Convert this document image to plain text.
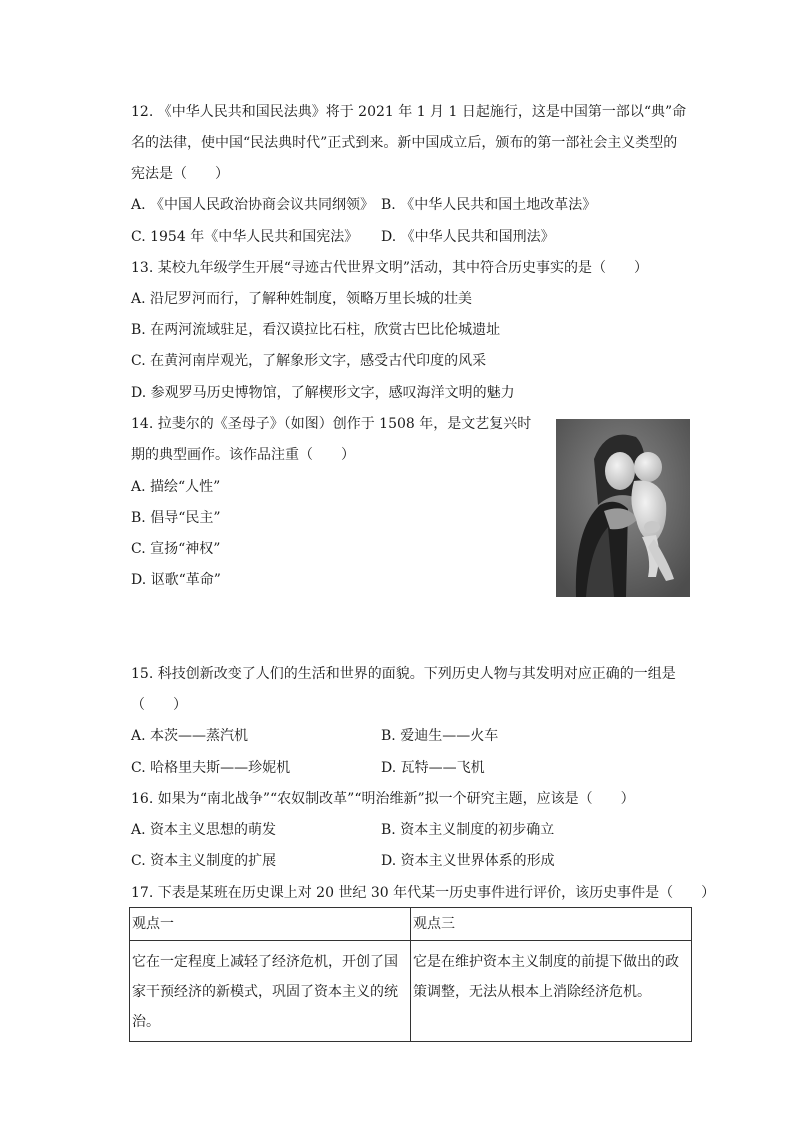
12. 《中华人民共和国民法典》将于 2021 年 1 月 1 日起施行，这是中国第一部以“典”命
名的法律，使中国“民法典时代”正式到来。新中国成立后，颁布的第一部社会主义类型的
宪法是（　　）
A. 《中国人民政治协商会议共同纲领》 B. 《中华人民共和国土地改革法》
C. 1954 年《中华人民共和国宪法》 D. 《中华人民共和国刑法》
13. 某校九年级学生开展“寻迹古代世界文明”活动，其中符合历史事实的是（　　）
A. 沿尼罗河而行，了解种姓制度，领略万里长城的壮美
B. 在两河流域驻足，看汉谟拉比石柱，欣赏古巴比伦城遗址
C. 在黄河南岸观光，了解象形文字，感受古代印度的风采
D. 参观罗马历史博物馆，了解楔形文字，感叹海洋文明的魅力
14. 拉斐尔的《圣母子》（如图）创作于 1508 年，是文艺复兴时
期的典型画作。该作品注重（　　）
A. 描绘“人性”
B. 倡导“民主”
C. 宣扬“神权”
D. 讴歌“革命”
15. 科技创新改变了人们的生活和世界的面貌。下列历史人物与其发明对应正确的一组是
（　　）
A. 本茨——蒸汽机	B. 爱迪生——火车
C. 哈格里夫斯——珍妮机	D. 瓦特——飞机
16. 如果为“南北战争”“农奴制改革”“明治维新”拟一个研究主题，应该是（　　）
A. 资本主义思想的萌发	B. 资本主义制度的初步确立
C. 资本主义制度的扩展	D. 资本主义世界体系的形成
17. 下表是某班在历史课上对 20 世纪 30 年代某一历史事件进行评价，该历史事件是（　　）
观点一	观点三
它在一定程度上减轻了经济危机，开创了国家干预经济的新模式，巩固了资本主义的统治。	它是在维护资本主义制度的前提下做出的政策调整，无法从根本上消除经济危机。
